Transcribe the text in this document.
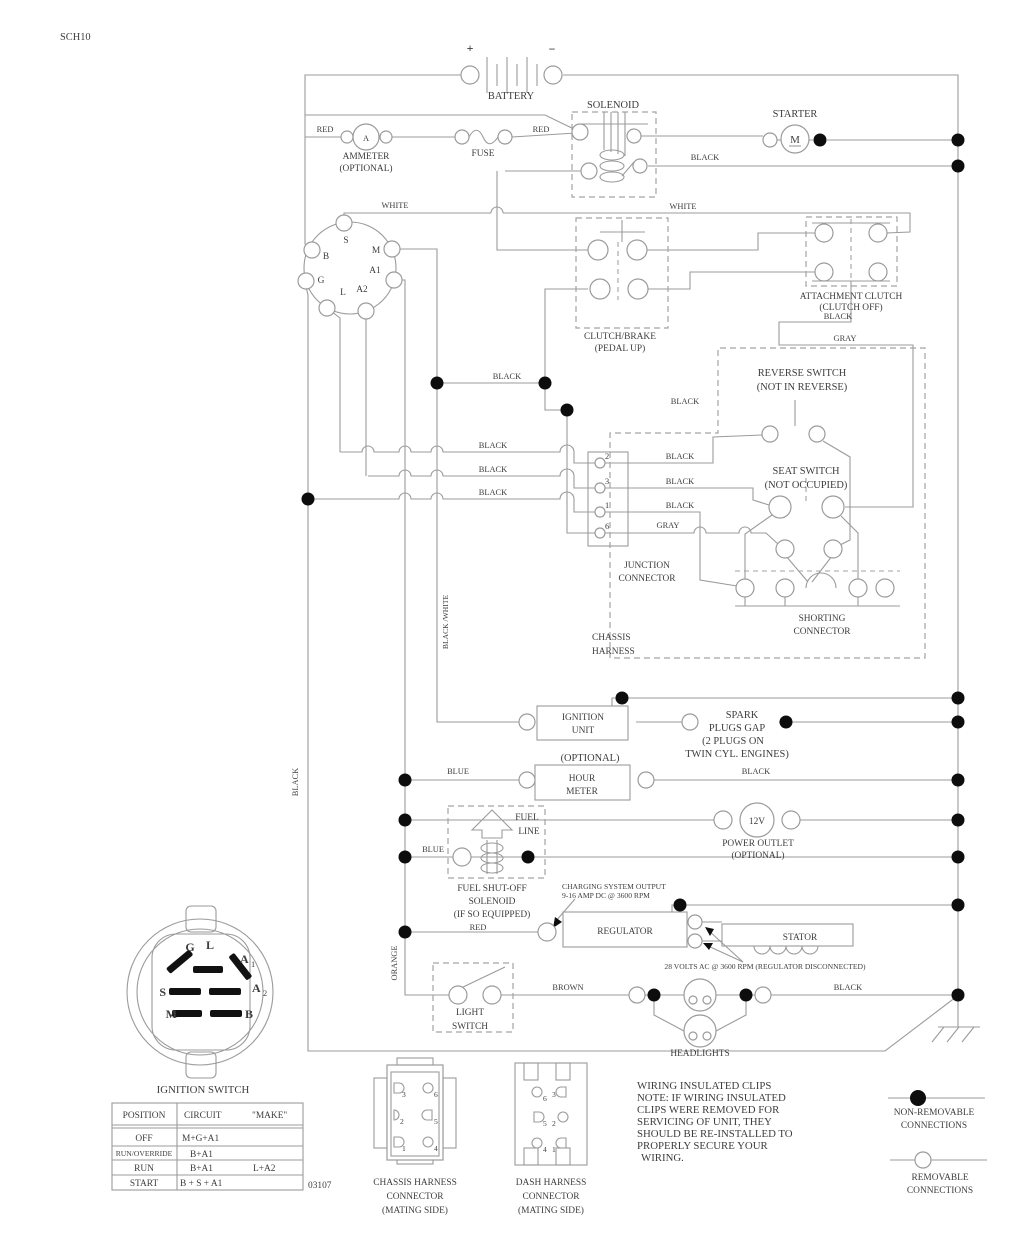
+	−
BATTERY
SOLENOID
STARTER
M
A
AMMETER
(OPTIONAL)
FUSE
S
B
M
G
A1
L A2
CLUTCH/BRAKE
(PEDAL UP)
ATTACHMENT CLUTCH
(CLUTCH OFF)
REVERSE SWITCH
(NOT IN REVERSE)
SEAT SWITCH
(NOT OCCUPIED)
SHORTING
CONNECTOR
CHASSIS
HARNESS
2
3
1
6
JUNCTION
CONNECTOR
IGNITION
UNIT
SPARK
PLUGS GAP
(2 PLUGS ON
TWIN CYL. ENGINES)
(OPTIONAL)
HOUR
METER
12V
POWER OUTLET
(OPTIONAL)
FUEL
LINE
FUEL SHUT-OFF
SOLENOID
(IF SO EQUIPPED)
CHARGING SYSTEM OUTPUT
9-16 AMP DC @ 3600 RPM
REGULATOR
STATOR
28 VOLTS AC @ 3600 RPM (REGULATOR DISCONNECTED)
LIGHT
SWITCH
HEADLIGHTS
RED	RED
BLACK
WHITE	WHITE
BLACK
GRAY
BLACK
BLACK
BLACK
BLACK
BLACK
BLACK
BLACK
BLACK
GRAY
BLACK /WHITE
BLACK	BLUE	BLACK
BLUE
RED
ORANGE
BROWN	BLACK
SCH10
G L
A 1
A 2
S
M	B
IGNITION SWITCH
POSITION CIRCUIT	"MAKE"
OFF	M+G+A1
RUN/OVERRIDE B+A1
RUN	B+A1	L+A2
START B + S + A1	03107
3	6
2	5
1	4
CHASSIS HARNESS
CONNECTOR
(MATING SIDE)
6 3
5 2
4 1
DASH HARNESS
CONNECTOR
(MATING SIDE)
WIRING INSULATED CLIPS
NOTE: IF WIRING INSULATED
CLIPS WERE REMOVED FOR
SERVICING OF UNIT, THEY
SHOULD BE RE-INSTALLED TO
PROPERLY SECURE YOUR
WIRING.
NON-REMOVABLE
CONNECTIONS
REMOVABLE
CONNECTIONS
